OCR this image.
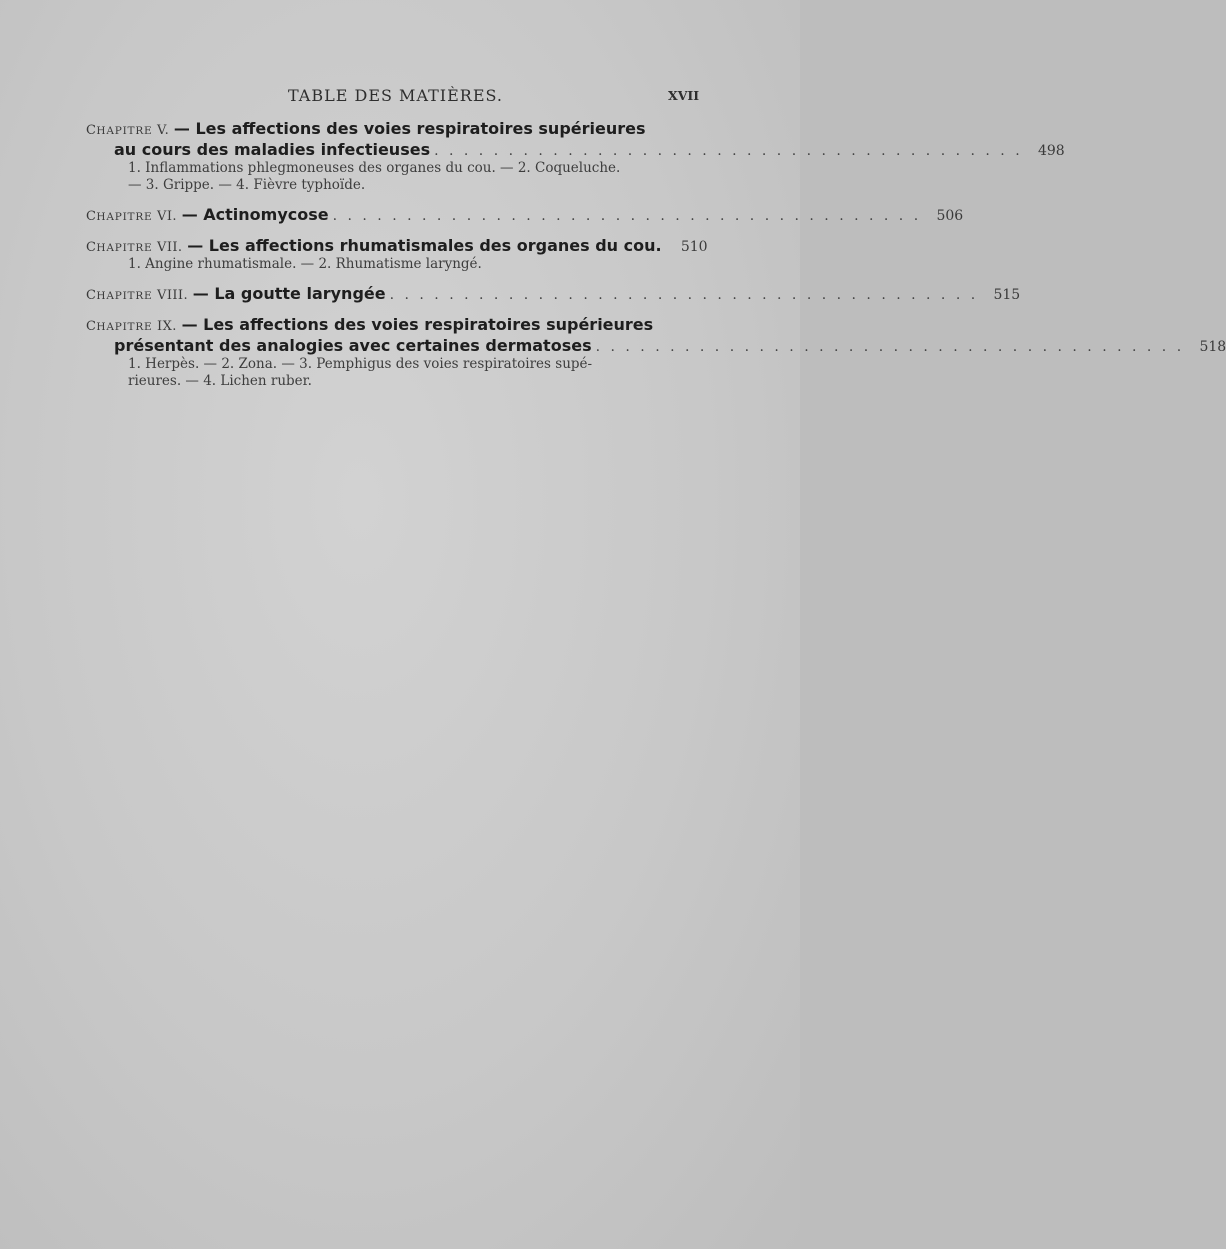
TABLE DES MATIÈRES.	XVII
CHAPITRE V. — Les affections des voies respiratoires supérieures
au cours des maladies infectieuses . . . . . . . . . . . . . . . . . . . . . . . . . . . . . . . . . . . . . . . .	498
1. Inflammations phlegmoneuses des organes du cou. — 2. Coqueluche.
— 3. Grippe. — 4. Fièvre typhoïde.
CHAPITRE VI.
— Actinomycose . . . . . . . . . . . . . . . . . . . . . . . . . . . . . . . . . . . . . . . .	506
CHAPITRE VII.
— Les affections rhumatismales des organes du cou.	510
1. Angine rhumatismale. — 2. Rhumatisme laryngé.
CHAPITRE VIII.
— La goutte laryngée . . . . . . . . . . . . . . . . . . . . . . . . . . . . . . . . . . . . . . . .	515
CHAPITRE IX. — Les affections des voies respiratoires supérieures
présentant des analogies avec certaines dermatoses . . . . . . . . . . . . . . . . . . . . . . . . . . . . . . . . . . . . . . . .	518
1. Herpès. — 2. Zona. — 3. Pemphigus des voies respiratoires supé-
rieures. — 4. Lichen ruber.
